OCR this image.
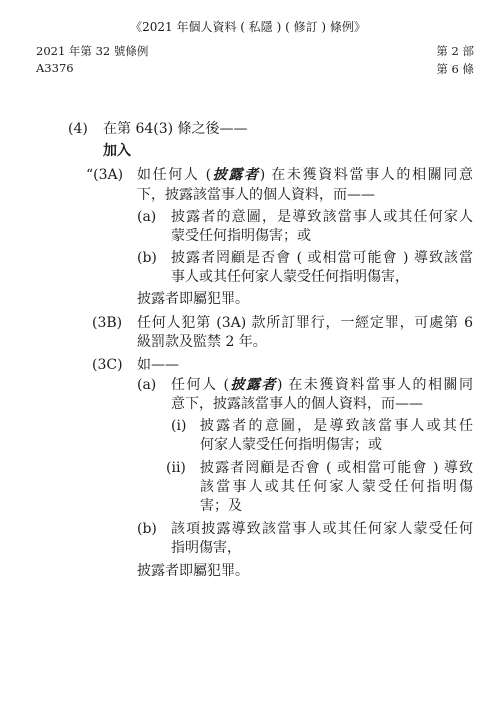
《2021 年個人資料 ( 私隱 ) ( 修訂 ) 條例》
2021 年第 32 號條例
A3376
第 2 部
第 6 條
(4) 在第 64(3) 條之後——
加入
“(3A) 如任何人 (披露者) 在未獲資料當事人的相關同意
下，披露該當事人的個人資料，而——
(a) 披露者的意圖，是導致該當事人或其任何家人
蒙受任何指明傷害；或
(b) 披露者罔顧是否會 ( 或相當可能會 ) 導致該當
事人或其任何家人蒙受任何指明傷害，
披露者即屬犯罪。
(3B) 任何人犯第 (3A) 款所訂罪行，一經定罪，可處第 6
級罰款及監禁 2 年。
(3C) 如——
(a) 任何人 (披露者) 在未獲資料當事人的相關同
意下，披露該當事人的個人資料，而——
(i) 披露者的意圖，是導致該當事人或其任
何家人蒙受任何指明傷害；或
(ii) 披露者罔顧是否會 ( 或相當可能會 ) 導致
該當事人或其任何家人蒙受任何指明傷
害；及
(b) 該項披露導致該當事人或其任何家人蒙受任何
指明傷害，
披露者即屬犯罪。
